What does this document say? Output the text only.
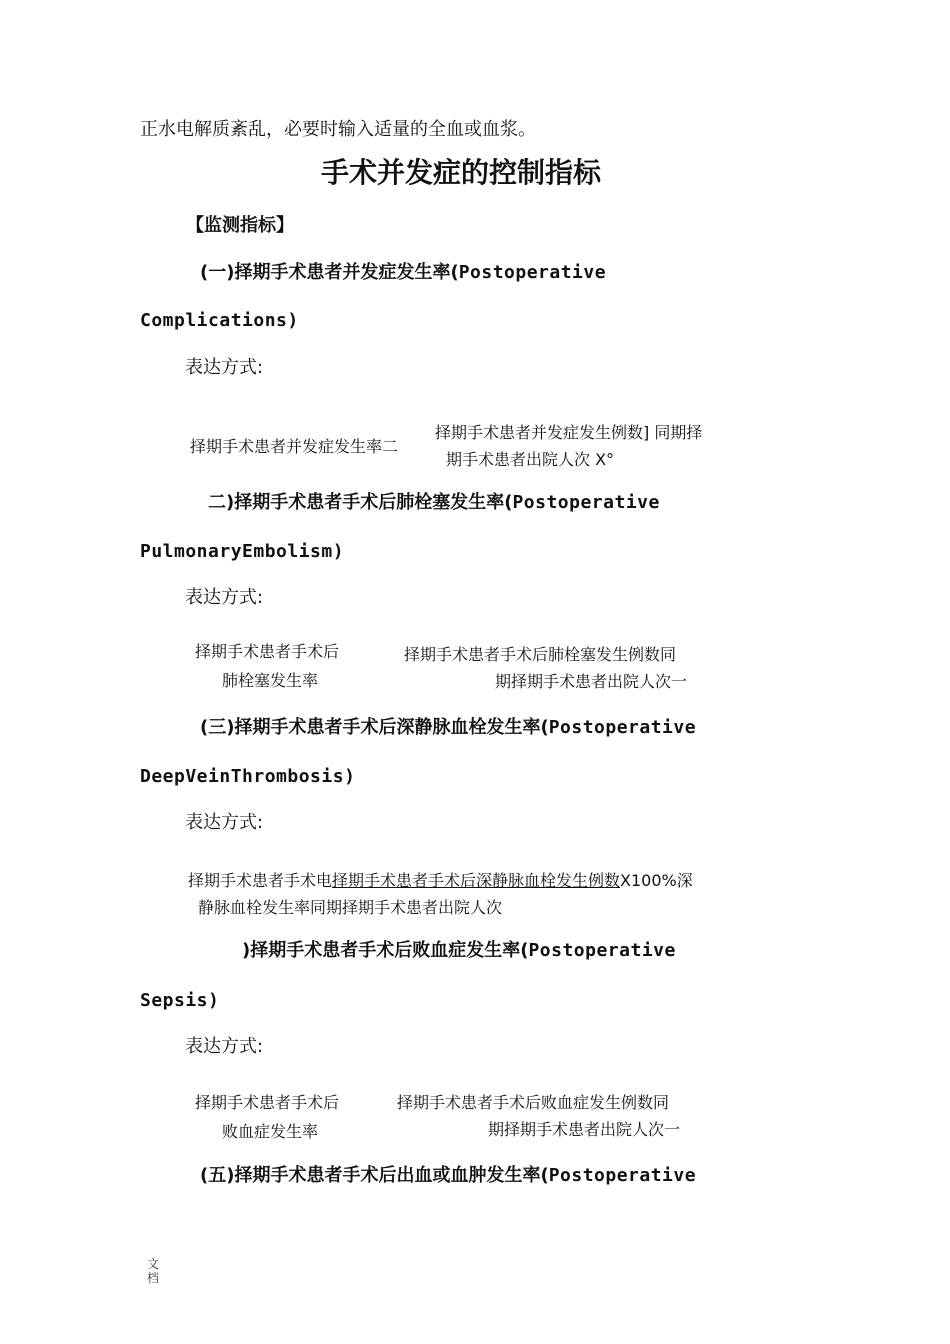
正水电解质紊乱，必要时输入适量的全血或血浆。
手术并发症的控制指标
【监测指标】
(一)择期手术患者并发症发生率(Postoperative
Complications)
表达方式:
择期手术患者并发症发生率二
择期手术患者并发症发生例数] 同期择
期手术患者出院人次 X°
二)择期手术患者手术后肺栓塞发生率(Postoperative
PulmonaryEmbolism)
表达方式:
择期手术患者手术后
肺栓塞发生率
择期手术患者手术后肺栓塞发生例数同
期择期手术患者出院人次一
(三)择期手术患者手术后深静脉血栓发生率(Postoperative
DeepVeinThrombosis)
表达方式:
择期手术患者手术电择期手术患者手术后深静脉血栓发生例数X100%深
静脉血栓发生率同期择期手术患者出院人次
)择期手术患者手术后败血症发生率(Postoperative
Sepsis)
表达方式:
择期手术患者手术后
败血症发生率
择期手术患者手术后败血症发生例数同
期择期手术患者出院人次一
(五)择期手术患者手术后出血或血肿发生率(Postoperative
文档
